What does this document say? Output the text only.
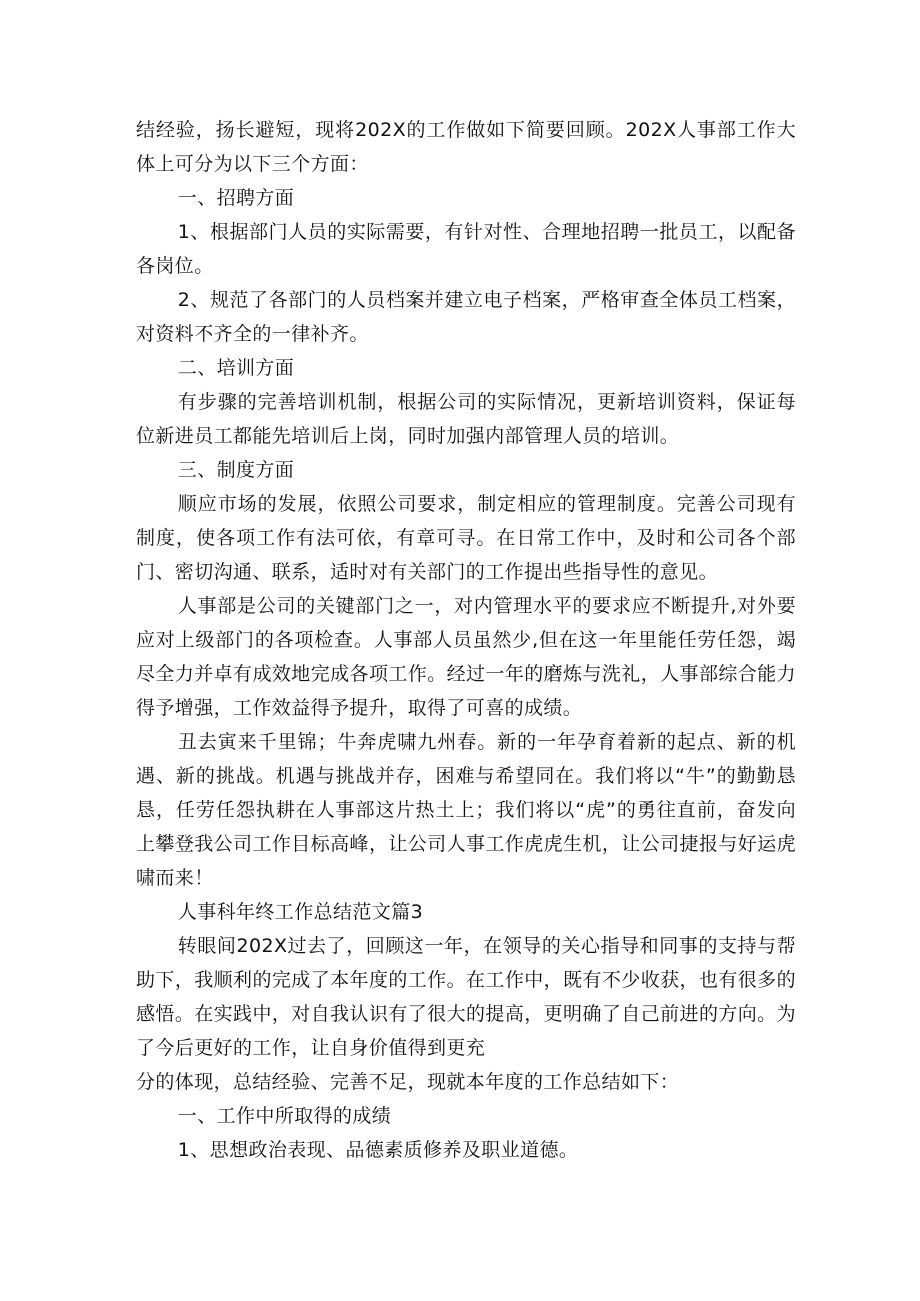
结经验，扬长避短，现将202X的工作做如下简要回顾。202X人事部工作大体上可分为以下三个方面：

一、招聘方面

1、根据部门人员的实际需要，有针对性、合理地招聘一批员工，以配备各岗位。

2、规范了各部门的人员档案并建立电子档案，严格审查全体员工档案，对资料不齐全的一律补齐。

二、培训方面

有步骤的完善培训机制，根据公司的实际情况，更新培训资料，保证每位新进员工都能先培训后上岗，同时加强内部管理人员的培训。

三、制度方面

顺应市场的发展，依照公司要求，制定相应的管理制度。完善公司现有制度，使各项工作有法可依，有章可寻。在日常工作中，及时和公司各个部门、密切沟通、联系，适时对有关部门的工作提出些指导性的意见。

人事部是公司的关键部门之一，对内管理水平的要求应不断提升,对外要应对上级部门的各项检查。人事部人员虽然少,但在这一年里能任劳任怨，竭尽全力并卓有成效地完成各项工作。经过一年的磨炼与洗礼，人事部综合能力得予增强，工作效益得予提升，取得了可喜的成绩。

丑去寅来千里锦；牛奔虎啸九州春。新的一年孕育着新的起点、新的机遇、新的挑战。机遇与挑战并存，困难与希望同在。我们将以“牛”的勤勤恳恳，任劳任怨执耕在人事部这片热土上；我们将以“虎”的勇往直前，奋发向上攀登我公司工作目标高峰，让公司人事工作虎虎生机，让公司捷报与好运虎啸而来！

人事科年终工作总结范文篇3

转眼间202X过去了，回顾这一年，在领导的关心指导和同事的支持与帮助下，我顺利的完成了本年度的工作。在工作中，既有不少收获，也有很多的感悟。在实践中，对自我认识有了很大的提高，更明确了自己前进的方向。为了今后更好的工作，让自身价值得到更充

分的体现，总结经验、完善不足，现就本年度的工作总结如下：

一、工作中所取得的成绩

1、思想政治表现、品德素质修养及职业道德。
